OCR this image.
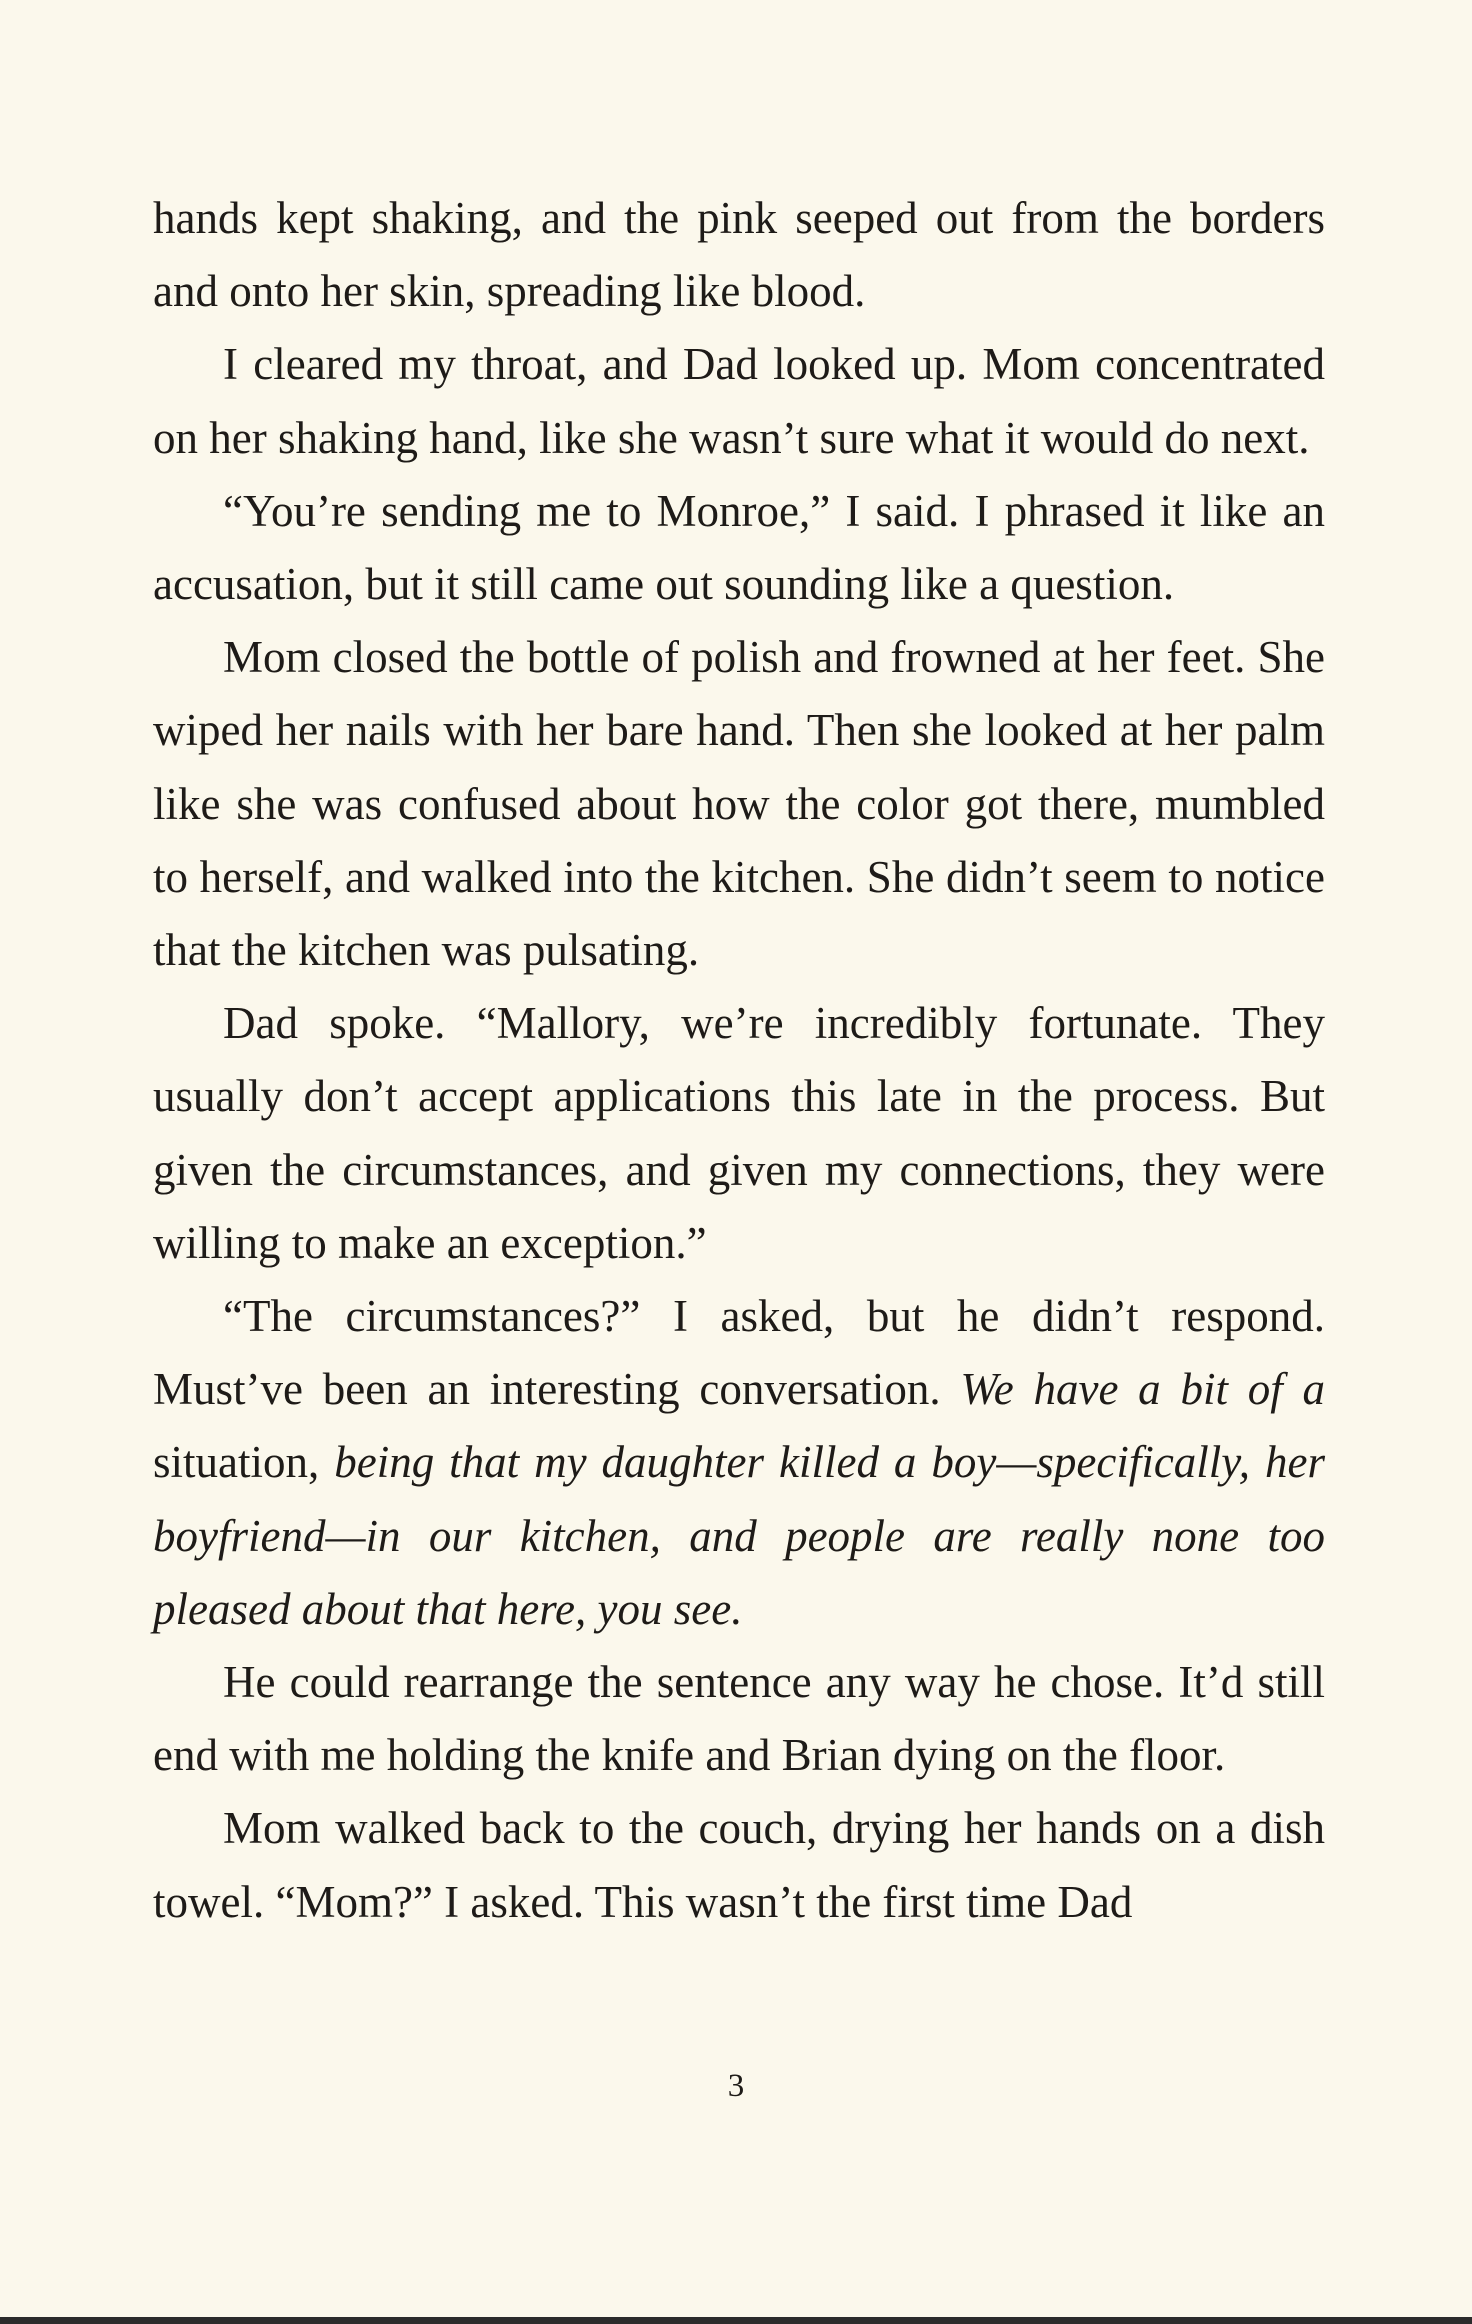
hands kept shaking, and the pink seeped out from the borders and onto her skin, spreading like blood.

I cleared my throat, and Dad looked up. Mom concentrated on her shaking hand, like she wasn’t sure what it would do next.

“You’re sending me to Monroe,” I said. I phrased it like an accusation, but it still came out sounding like a question.

Mom closed the bottle of polish and frowned at her feet. She wiped her nails with her bare hand. Then she looked at her palm like she was confused about how the color got there, mumbled to herself, and walked into the kitchen. She didn’t seem to notice that the kitchen was pulsating.

Dad spoke. “Mallory, we’re incredibly fortunate. They usually don’t accept applications this late in the process. But given the circumstances, and given my connections, they were willing to make an exception.”

“The circumstances?” I asked, but he didn’t respond. Must’ve been an interesting conversation. We have a bit of a situation, being that my daughter killed a boy—specifically, her boyfriend—in our kitchen, and people are really none too pleased about that here, you see.

He could rearrange the sentence any way he chose. It’d still end with me holding the knife and Brian dying on the floor.

Mom walked back to the couch, drying her hands on a dish towel. “Mom?” I asked. This wasn’t the first time Dad

3
